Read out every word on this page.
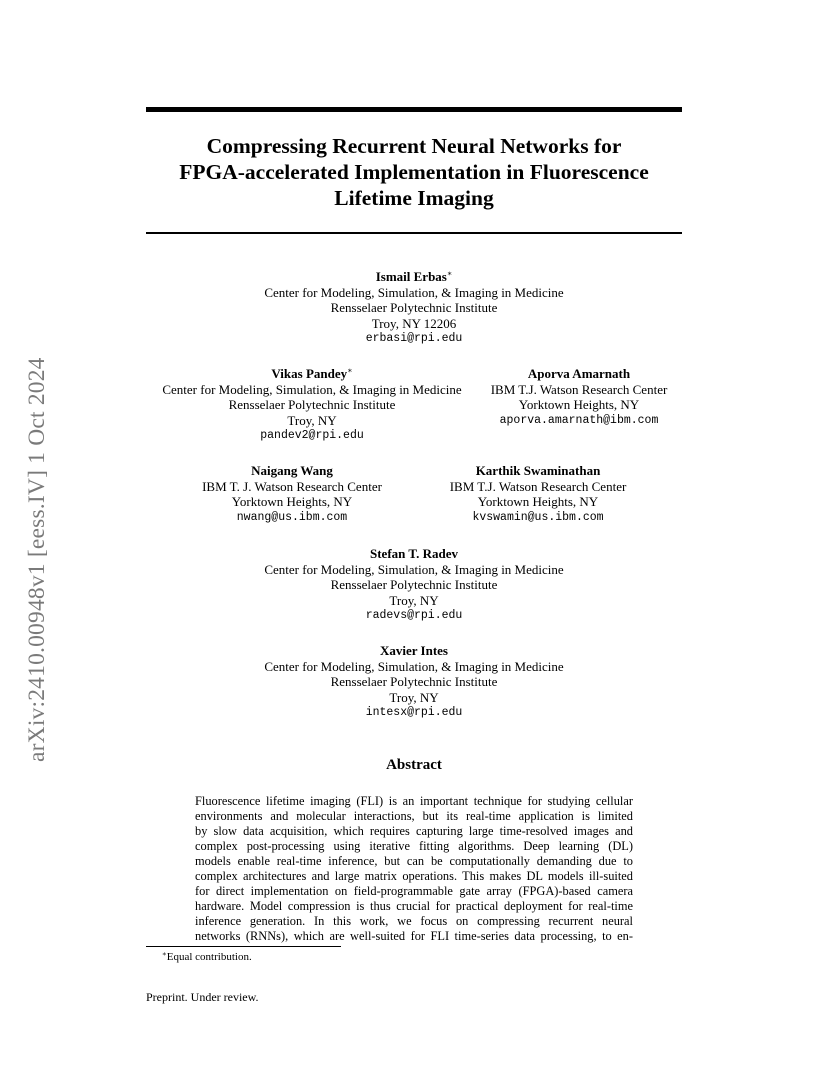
arXiv:2410.00948v1 [eess.IV] 1 Oct 2024
Compressing Recurrent Neural Networks for
FPGA-accelerated Implementation in Fluorescence
Lifetime Imaging
Ismail Erbas∗
Center for Modeling, Simulation, & Imaging in Medicine
Rensselaer Polytechnic Institute
Troy, NY 12206
erbasi@rpi.edu
Vikas Pandey∗
Center for Modeling, Simulation, & Imaging in Medicine
Rensselaer Polytechnic Institute
Troy, NY
pandev2@rpi.edu
Aporva Amarnath
IBM T.J. Watson Research Center
Yorktown Heights, NY
aporva.amarnath@ibm.com
Naigang Wang
IBM T. J. Watson Research Center
Yorktown Heights, NY
nwang@us.ibm.com
Karthik Swaminathan
IBM T.J. Watson Research Center
Yorktown Heights, NY
kvswamin@us.ibm.com
Stefan T. Radev
Center for Modeling, Simulation, & Imaging in Medicine
Rensselaer Polytechnic Institute
Troy, NY
radevs@rpi.edu
Xavier Intes
Center for Modeling, Simulation, & Imaging in Medicine
Rensselaer Polytechnic Institute
Troy, NY
intesx@rpi.edu
Abstract
Fluorescence lifetime imaging (FLI) is an important technique for studying cellular
environments and molecular interactions, but its real-time application is limited
by slow data acquisition, which requires capturing large time-resolved images and
complex post-processing using iterative fitting algorithms. Deep learning (DL)
models enable real-time inference, but can be computationally demanding due to
complex architectures and large matrix operations. This makes DL models ill-suited
for direct implementation on field-programmable gate array (FPGA)-based camera
hardware. Model compression is thus crucial for practical deployment for real-time
inference generation. In this work, we focus on compressing recurrent neural
networks (RNNs), which are well-suited for FLI time-series data processing, to en-
∗Equal contribution.
Preprint. Under review.
